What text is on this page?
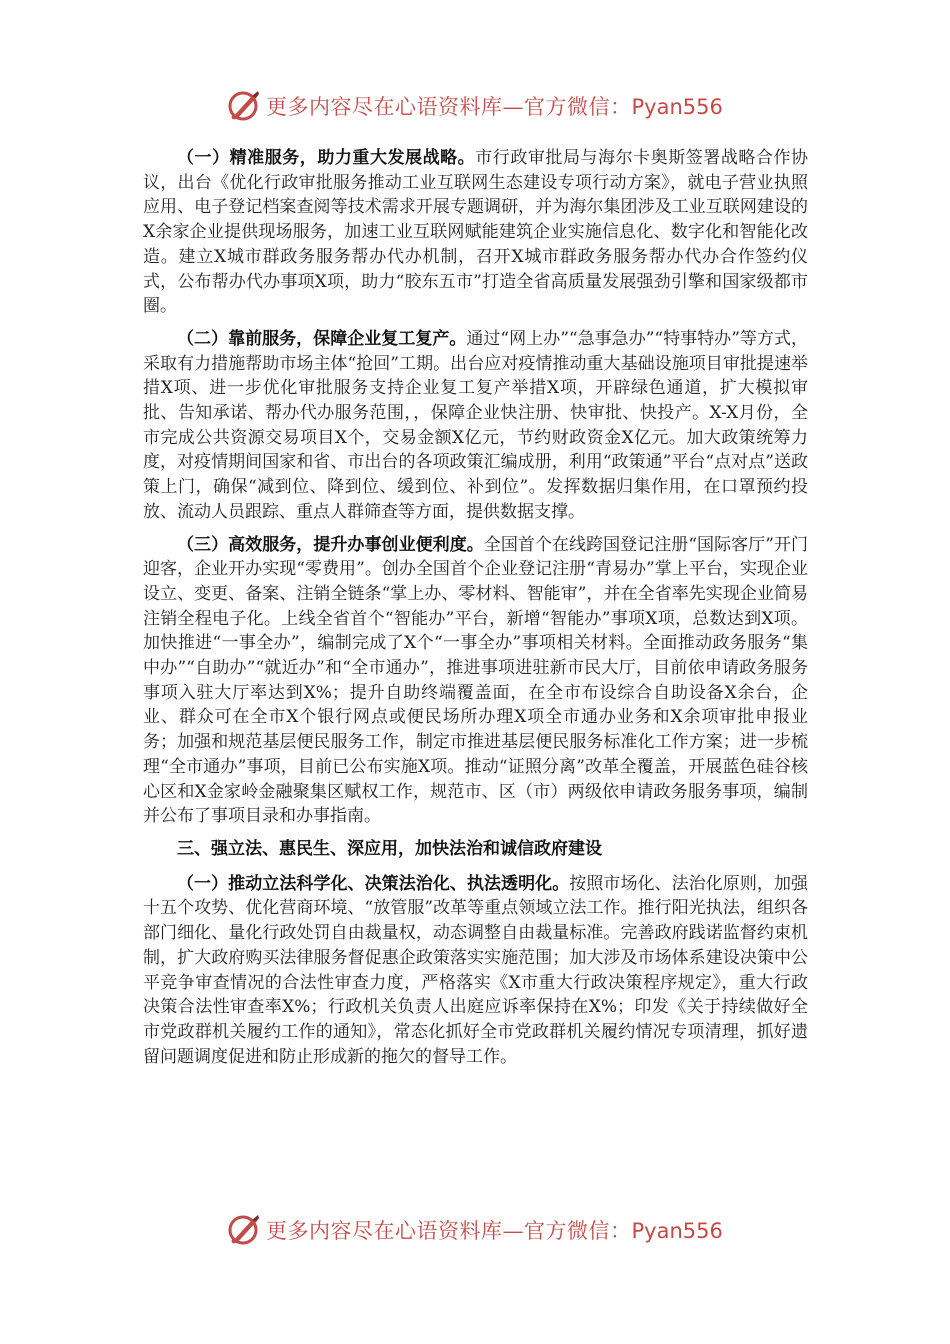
更多内容尽在心语资料库—官方微信：Pyan556

（一）精准服务，助力重大发展战略。市行政审批局与海尔卡奥斯签署战略合作协议，出台《优化行政审批服务推动工业互联网生态建设专项行动方案》，就电子营业执照应用、电子登记档案查阅等技术需求开展专题调研，并为海尔集团涉及工业互联网建设的X余家企业提供现场服务，加速工业互联网赋能建筑企业实施信息化、数字化和智能化改造。建立X城市群政务服务帮办代办机制，召开X城市群政务服务帮办代办合作签约仪式，公布帮办代办事项X项，助力“胶东五市”打造全省高质量发展强劲引擎和国家级都市圈。

（二）靠前服务，保障企业复工复产。通过“网上办”“急事急办”“特事特办”等方式，采取有力措施帮助市场主体“抢回”工期。出台应对疫情推动重大基础设施项目审批提速举措X项、进一步优化审批服务支持企业复工复产举措X项，开辟绿色通道，扩大模拟审批、告知承诺、帮办代办服务范围，，保障企业快注册、快审批、快投产。X-X月份，全市完成公共资源交易项目X个，交易金额X亿元，节约财政资金X亿元。加大政策统筹力度，对疫情期间国家和省、市出台的各项政策汇编成册，利用“政策通”平台“点对点”送政策上门，确保“减到位、降到位、缓到位、补到位”。发挥数据归集作用，在口罩预约投放、流动人员跟踪、重点人群筛查等方面，提供数据支撑。

（三）高效服务，提升办事创业便利度。全国首个在线跨国登记注册“国际客厅”开门迎客，企业开办实现“零费用”。创办全国首个企业登记注册“青易办”掌上平台，实现企业设立、变更、备案、注销全链条“掌上办、零材料、智能审”，并在全省率先实现企业简易注销全程电子化。上线全省首个“智能办”平台，新增“智能办”事项X项，总数达到X项。加快推进“一事全办”，编制完成了X个“一事全办”事项相关材料。全面推动政务服务“集中办”“自助办”“就近办”和“全市通办”，推进事项进驻新市民大厅，目前依申请政务服务事项入驻大厅率达到X%；提升自助终端覆盖面，在全市布设综合自助设备X余台，企业、群众可在全市X个银行网点或便民场所办理X项全市通办业务和X余项审批申报业务；加强和规范基层便民服务工作，制定市推进基层便民服务标准化工作方案；进一步梳理“全市通办”事项，目前已公布实施X项。推动“证照分离”改革全覆盖，开展蓝色硅谷核心区和X金家岭金融聚集区赋权工作，规范市、区（市）两级依申请政务服务事项，编制并公布了事项目录和办事指南。

三、强立法、惠民生、深应用，加快法治和诚信政府建设

（一）推动立法科学化、决策法治化、执法透明化。按照市场化、法治化原则，加强十五个攻势、优化营商环境、“放管服”改革等重点领域立法工作。推行阳光执法，组织各部门细化、量化行政处罚自由裁量权，动态调整自由裁量标准。完善政府践诺监督约束机制，扩大政府购买法律服务督促惠企政策落实实施范围；加大涉及市场体系建设决策中公平竞争审查情况的合法性审查力度，严格落实《X市重大行政决策程序规定》，重大行政决策合法性审查率X%；行政机关负责人出庭应诉率保持在X%；印发《关于持续做好全市党政群机关履约工作的通知》，常态化抓好全市党政群机关履约情况专项清理，抓好遗留问题调度促进和防止形成新的拖欠的督导工作。

更多内容尽在心语资料库—官方微信：Pyan556
